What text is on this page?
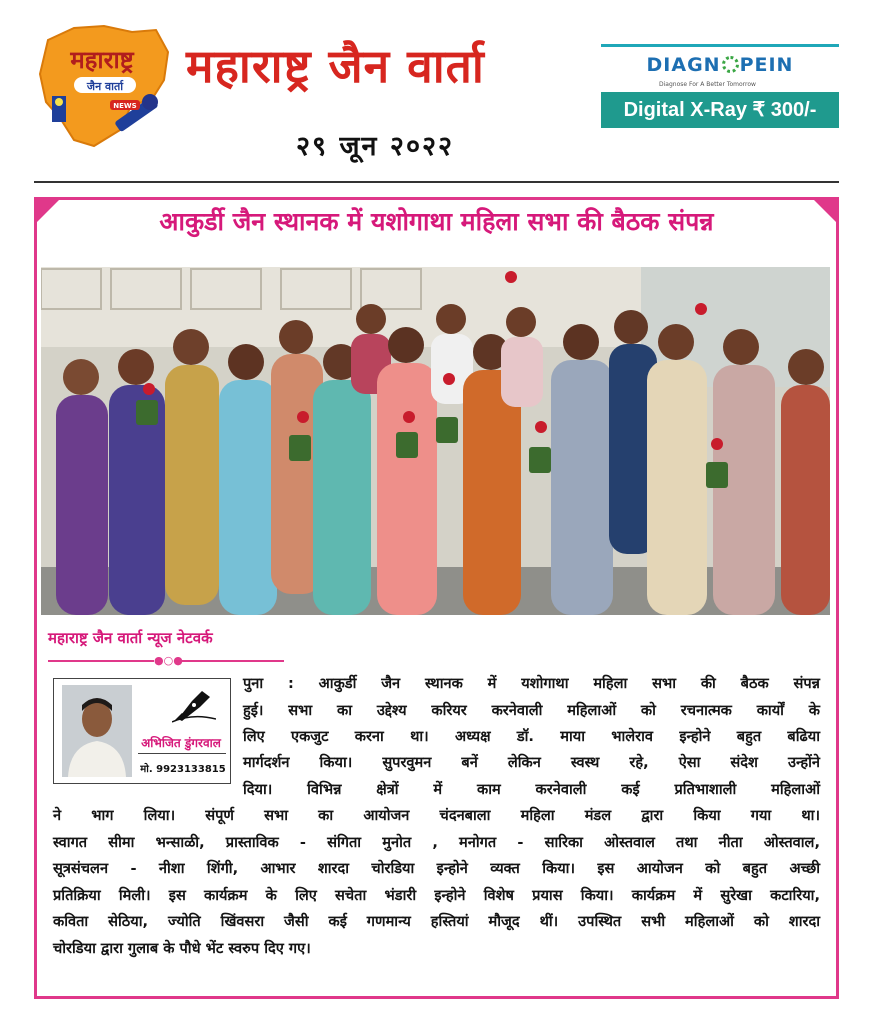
महाराष्ट्र
जैन वार्ता
NEWS
महाराष्ट्र जैन वार्ता
२९ जून २०२२
DIAGN PEIN
Diagnose For A Better Tomorrow
Digital X-Ray ₹ 300/-
आकुर्डी जैन स्थानक में यशोगाथा महिला सभा की बैठक संपन्न
महाराष्ट्र जैन वार्ता न्यूज नेटवर्क
●○●
अभिजित डुंगरवाल
मो. 9923133815
पुना : आकुर्डी जैन स्थानक में यशोगाथा महिला सभा की बैठक संपन्न
हुई। सभा का उद्देश्य करियर करनेवाली महिलाओं को रचनात्मक कार्यों के
लिए एकजुट करना था। अध्यक्ष डॉ. माया भालेराव इन्होने बहुत बढिया
मार्गदर्शन किया। सुपरवुमन बनें लेकिन स्वस्थ रहे, ऐसा संदेश उन्होंने
दिया। विभिन्न क्षेत्रों में काम करनेवाली कई प्रतिभाशाली महिलाओं
ने भाग लिया। संपूर्ण सभा का आयोजन चंदनबाला महिला मंडल द्वारा किया गया था।
स्वागत सीमा भन्साळी, प्रास्ताविक - संगिता मुनोत , मनोगत - सारिका ओस्तवाल तथा नीता ओस्तवाल,
सूत्रसंचलन - नीशा शिंगी, आभार शारदा चोरडिया इन्होने व्यक्त किया। इस आयोजन को बहुत अच्छी
प्रतिक्रिया मिली। इस कार्यक्रम के लिए सचेता भंडारी इन्होने विशेष प्रयास किया। कार्यक्रम में सुरेखा कटारिया,
कविता सेठिया, ज्योति खिंवसरा जैसी कई गणमान्य हस्तियां मौजूद थीं। उपस्थित सभी महिलाओं को शारदा
चोरडिया द्वारा गुलाब के पौधे भेंट स्वरुप दिए गए।
